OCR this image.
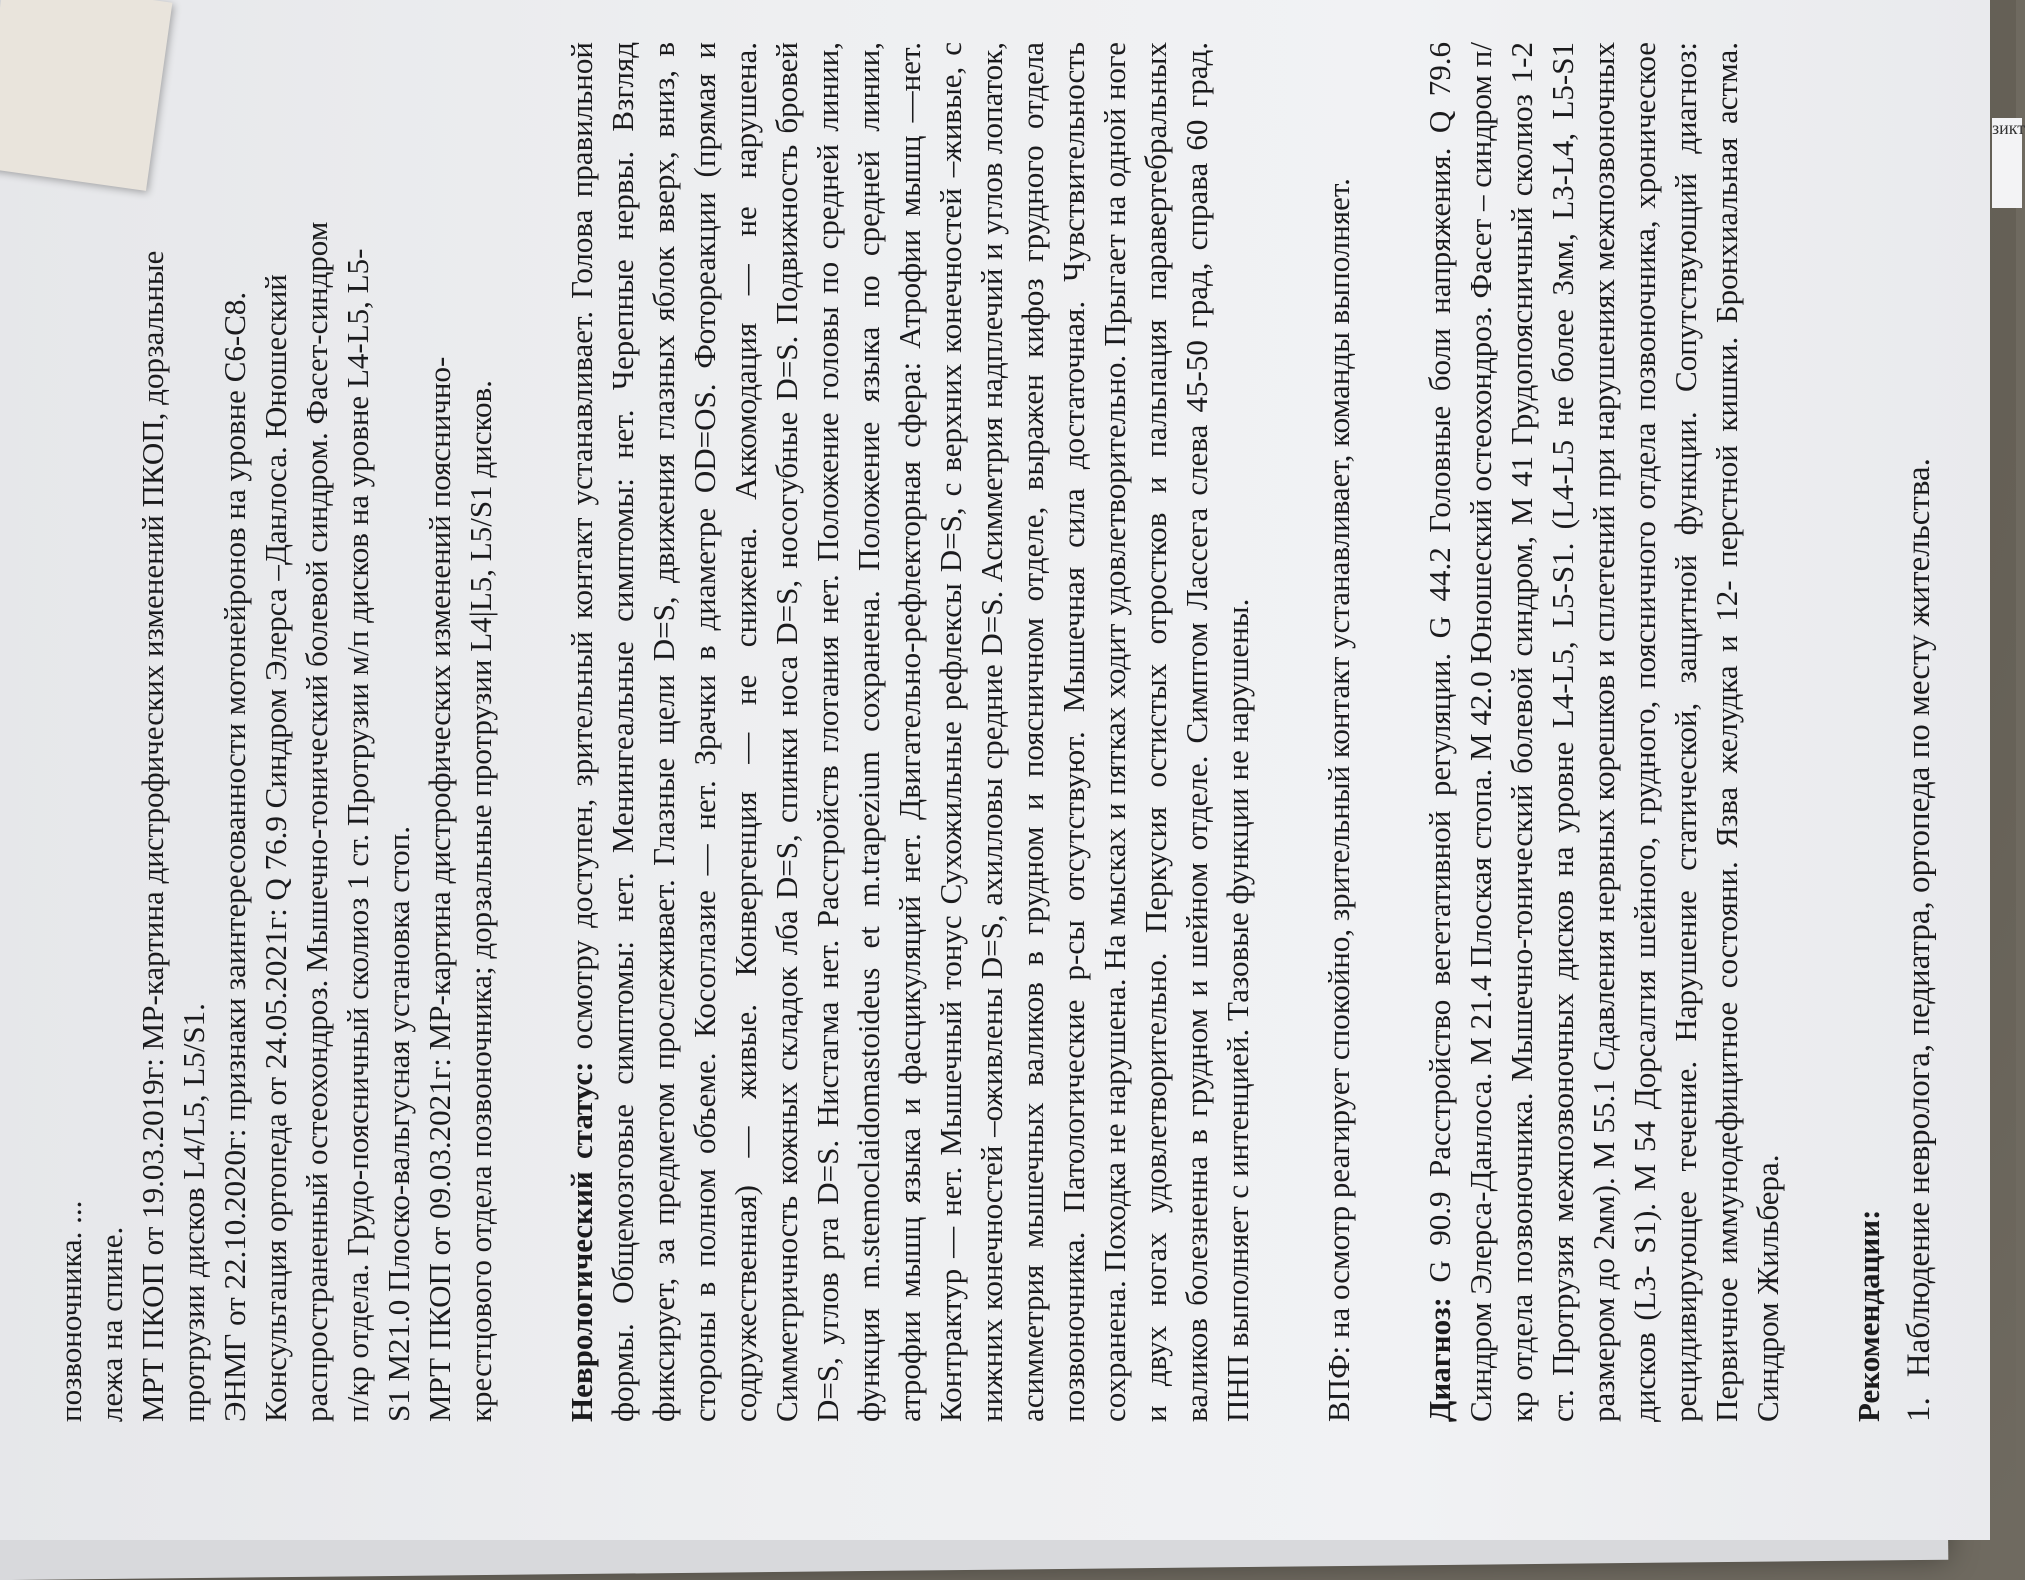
позвоночника. ... лежа на спине. МРТ ПКОП от 19.03.2019г: МР-картина дистрофических изменений ПКОП, дорзальные протрузии дисков L4/L5, L5/S1. ЭНМГ от 22.10.2020г: признаки заинтересованности мотонейронов на уровне С6-С8. Консультация ортопеда от 24.05.2021г: Q 76.9 Синдром Элерса –Данлоса. Юношеский распространенный остеохондроз. Мышечно-тонический болевой синдром. Фасет-синдром п/кр отдела. Грудо-поясничный сколиоз 1 ст. Протрузии м/п дисков на уровне L4-L5, L5- S1 M21.0 Плоско-вальгусная установка стоп. МРТ ПКОП от 09.03.2021г: МР-картина дистрофических изменений пояснично- крестцового отдела позвоночника; дорзальные протрузии L4|L5, L5/S1 дисков. Неврологический статус: осмотру доступен, зрительный контакт устанавливает. Голова правильной формы. Общемозговые симптомы: нет. Менингеальные симптомы: нет. Черепные нервы. Взгляд фиксирует, за предметом прослеживает. Глазные щели D=S, движения глазных яблок вверх, вниз, в стороны в полном объеме. Косоглазие — нет. Зрачки в диаметре OD=OS. Фотореакции (прямая и содружественная) — живые. Конвергенция — не снижена. Аккомодация — не нарушена. Симметричность кожных складок лба D=S, спинки носа D=S, носогубные D=S. Подвижность бровей D=S, углов рта D=S. Нистагма нет. Расстройств глотания нет. Положение головы по средней линии, функция m.stemoclaidomastoideus et m.trapezium сохранена. Положение языка по средней линии, атрофии мышц языка и фасцикуляций нет. Двигательно-рефлекторная сфера: Атрофии мышц —нет. Контрактур — нет. Мышечный тонус Сухожильные рефлексы D=S, с верхних конечностей –живые, с нижних конечностей –оживлены D=S, ахилловы средние D=S. Асимметрия надплечий и углов лопаток, асимметрия мышечных валиков в грудном и поясничном отделе, выражен кифоз грудного отдела позвоночника. Патологические р-сы отсутствуют. Мышечная сила достаточная. Чувствительность сохранена. Походка не нарушена. На мысках и пятках ходит удовлетворительно. Прыгает на одной ноге и двух ногах удовлетворительно. Перкусия остистых отростков и пальпация паравертебральных валиков болезненна в грудном и шейном отделе. Симптом Ласcега слева 45-50 град, справа 60 град. ПНП выполняет с интенцией. Тазовые функции не нарушены. ВПФ: на осмотр реагирует спокойно, зрительный контакт устанавливает, команды выполняет. Диагноз: G 90.9 Расстройство вегетативной регуляции. G 44.2 Головные боли напряжения. Q 79.6 Синдром Элерса-Данлоса. M 21.4 Плоская стопа. M 42.0 Юношеский остеохондроз. Фасет – синдром п/кр отдела позвоночника. Мышечно-тонический болевой синдром, М 41 Грудопоясничный сколиоз 1-2 ст. Протрузия межпозвоночных дисков на уровне L4-L5, L5-S1. (L4-L5 не более 3мм, L3-L4, L5-S1 размером до 2мм). М 55.1 Сдавления нервных корешков и сплетений при нарушениях межпозвоночных дисков (L3- S1). М 54 Дорсалгия шейного, грудного, поясничного отдела позвоночника, хроническое рецидивирующее течение. Нарушение статической, защитной функции. Сопутствующий диагноз: Первичное иммунодефицитное состояни. Язва желудка и 12- перстной кишки. Бронхиальная астма. Синдром Жильбера. Рекомендации: 1.
Наблюдение невролога, педиатра, ортопеда по месту жительства.
зикт
